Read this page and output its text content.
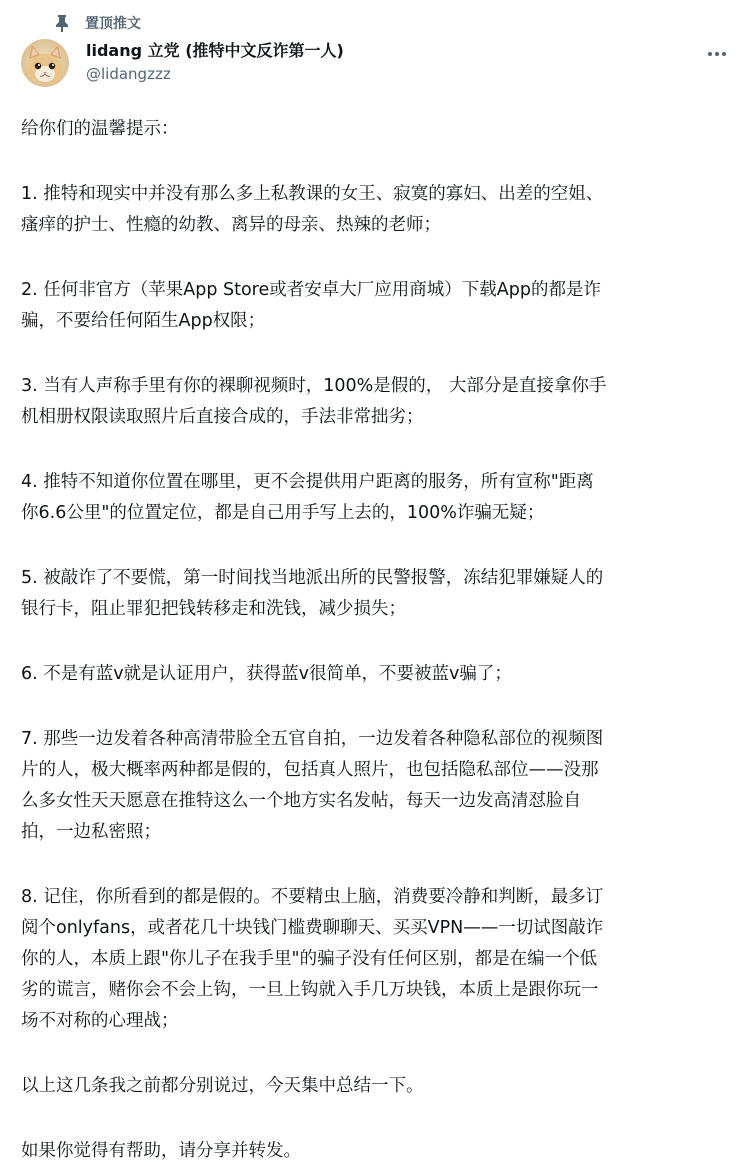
置顶推文
lidang 立党 (推特中文反诈第一人)
@lidangzzz

给你们的温馨提示：

1. 推特和现实中并没有那么多上私教课的女王、寂寞的寡妇、出差的空姐、
瘙痒的护士、性瘾的幼教、离异的母亲、热辣的老师；

2. 任何非官方（苹果App Store或者安卓大厂应用商城）下载App的都是诈
骗，不要给任何陌生App权限；

3. 当有人声称手里有你的裸聊视频时，100%是假的， 大部分是直接拿你手
机相册权限读取照片后直接合成的，手法非常拙劣；

4. 推特不知道你位置在哪里，更不会提供用户距离的服务，所有宣称"距离
你6.6公里"的位置定位，都是自己用手写上去的，100%诈骗无疑；

5. 被敲诈了不要慌，第一时间找当地派出所的民警报警，冻结犯罪嫌疑人的
银行卡，阻止罪犯把钱转移走和洗钱，减少损失；

6. 不是有蓝v就是认证用户，获得蓝v很简单，不要被蓝v骗了；

7. 那些一边发着各种高清带脸全五官自拍，一边发着各种隐私部位的视频图
片的人，极大概率两种都是假的，包括真人照片，也包括隐私部位——没那
么多女性天天愿意在推特这么一个地方实名发帖，每天一边发高清怼脸自
拍，一边私密照；

8. 记住，你所看到的都是假的。不要精虫上脑，消费要冷静和判断，最多订
阅个onlyfans，或者花几十块钱门槛费聊聊天、买买VPN——一切试图敲诈
你的人，本质上跟"你儿子在我手里"的骗子没有任何区别，都是在编一个低
劣的谎言，赌你会不会上钩，一旦上钩就入手几万块钱，本质上是跟你玩一
场不对称的心理战；

以上这几条我之前都分别说过，今天集中总结一下。

如果你觉得有帮助，请分享并转发。
